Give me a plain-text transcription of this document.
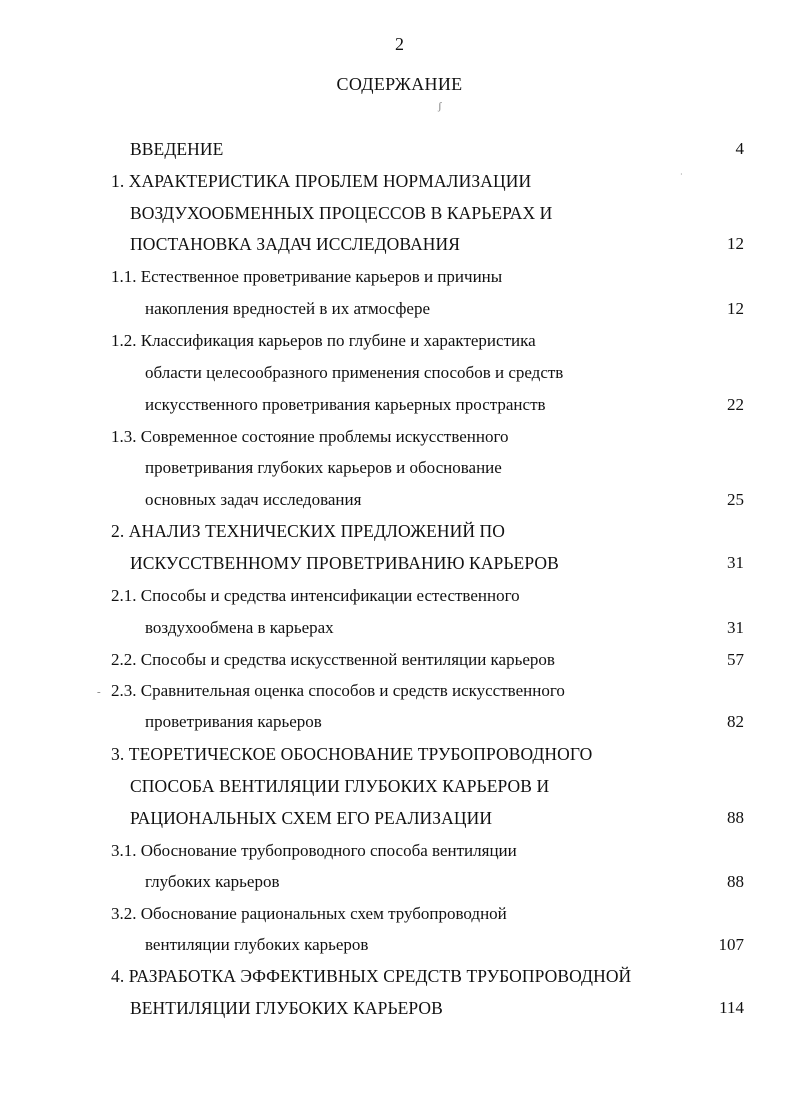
2
СОДЕРЖАНИЕ
ʃ
·
-
ВВЕДЕНИЕ	4
1. ХАРАКТЕРИСТИКА ПРОБЛЕМ НОРМАЛИЗАЦИИ
ВОЗДУХООБМЕННЫХ ПРОЦЕССОВ В КАРЬЕРАХ И
ПОСТАНОВКА ЗАДАЧ ИССЛЕДОВАНИЯ	12
1.1. Естественное проветривание карьеров и причины
накопления вредностей в их атмосфере	12
1.2. Классификация карьеров по глубине и характеристика
области целесообразного применения способов и средств
искусственного проветривания карьерных пространств	22
1.3. Современное состояние проблемы искусственного
проветривания глубоких карьеров и обоснование
основных задач исследования	25
2. АНАЛИЗ ТЕХНИЧЕСКИХ ПРЕДЛОЖЕНИЙ ПО
ИСКУССТВЕННОМУ ПРОВЕТРИВАНИЮ КАРЬЕРОВ	31
2.1. Способы и средства интенсификации естественного
воздухообмена в карьерах	31
2.2. Способы и средства искусственной вентиляции карьеров	57
2.3. Сравнительная оценка способов и средств искусственного
проветривания карьеров	82
3. ТЕОРЕТИЧЕСКОЕ ОБОСНОВАНИЕ ТРУБОПРОВОДНОГО
СПОСОБА ВЕНТИЛЯЦИИ ГЛУБОКИХ КАРЬЕРОВ И
РАЦИОНАЛЬНЫХ СХЕМ ЕГО РЕАЛИЗАЦИИ	88
3.1. Обоснование трубопроводного способа вентиляции
глубоких карьеров	88
3.2. Обоснование рациональных схем трубопроводной
вентиляции глубоких карьеров	107
4. РАЗРАБОТКА ЭФФЕКТИВНЫХ СРЕДСТВ ТРУБОПРОВОДНОЙ
ВЕНТИЛЯЦИИ ГЛУБОКИХ КАРЬЕРОВ	114
